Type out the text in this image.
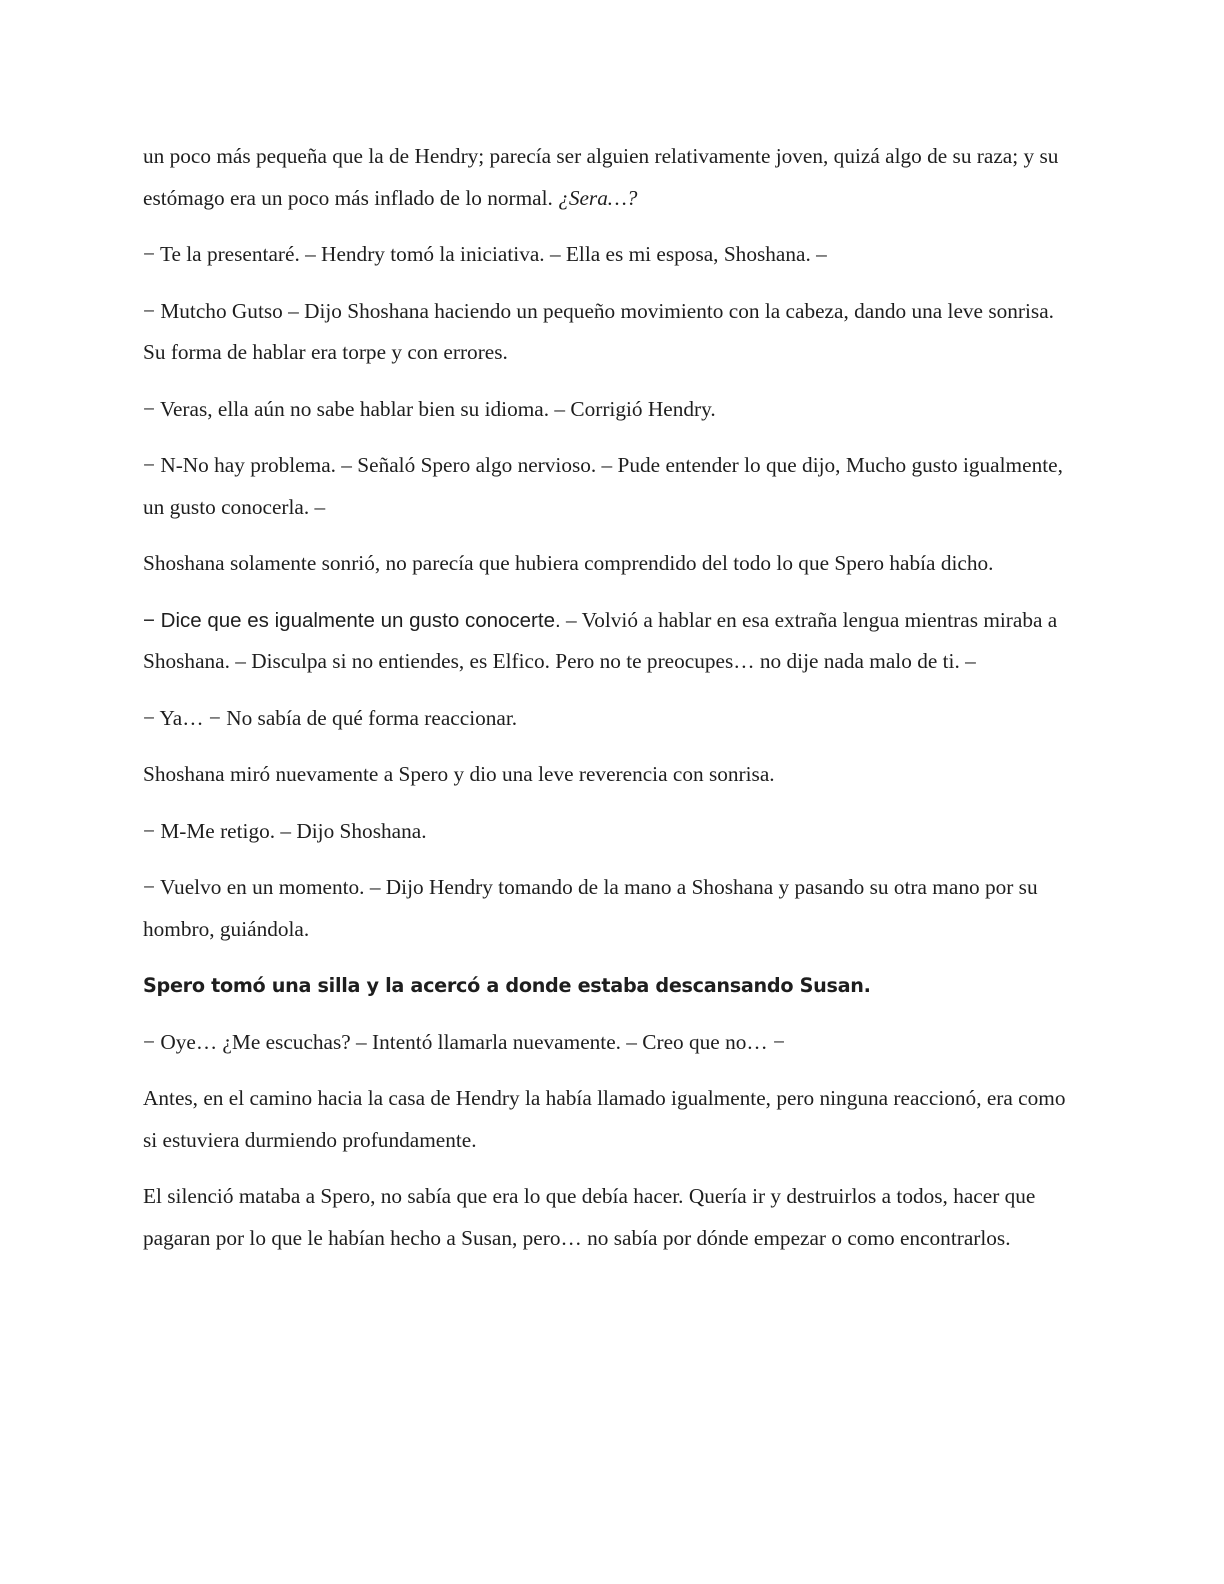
un poco más pequeña que la de Hendry; parecía ser alguien relativamente joven, quizá algo de su raza; y su estómago era un poco más inflado de lo normal. ¿Sera…?

− Te la presentaré. – Hendry tomó la iniciativa. – Ella es mi esposa, Shoshana. –

− Mutcho Gutso – Dijo Shoshana haciendo un pequeño movimiento con la cabeza, dando una leve sonrisa. Su forma de hablar era torpe y con errores.

− Veras, ella aún no sabe hablar bien su idioma. – Corrigió Hendry.

− N-No hay problema. – Señaló Spero algo nervioso. – Pude entender lo que dijo, Mucho gusto igualmente, un gusto conocerla. –

Shoshana solamente sonrió, no parecía que hubiera comprendido del todo lo que Spero había dicho.

− Dice que es igualmente un gusto conocerte. – Volvió a hablar en esa extraña lengua mientras miraba a Shoshana. – Disculpa si no entiendes, es Elfico. Pero no te preocupes… no dije nada malo de ti. –

− Ya… − No sabía de qué forma reaccionar.

Shoshana miró nuevamente a Spero y dio una leve reverencia con sonrisa.

− M-Me retigo. – Dijo Shoshana.

− Vuelvo en un momento. – Dijo Hendry tomando de la mano a Shoshana y pasando su otra mano por su hombro, guiándola.

Spero tomó una silla y la acercó a donde estaba descansando Susan.

− Oye… ¿Me escuchas? – Intentó llamarla nuevamente. – Creo que no… −

Antes, en el camino hacia la casa de Hendry la había llamado igualmente, pero ninguna reaccionó, era como si estuviera durmiendo profundamente.

El silenció mataba a Spero, no sabía que era lo que debía hacer. Quería ir y destruirlos a todos, hacer que pagaran por lo que le habían hecho a Susan, pero… no sabía por dónde empezar o como encontrarlos.
